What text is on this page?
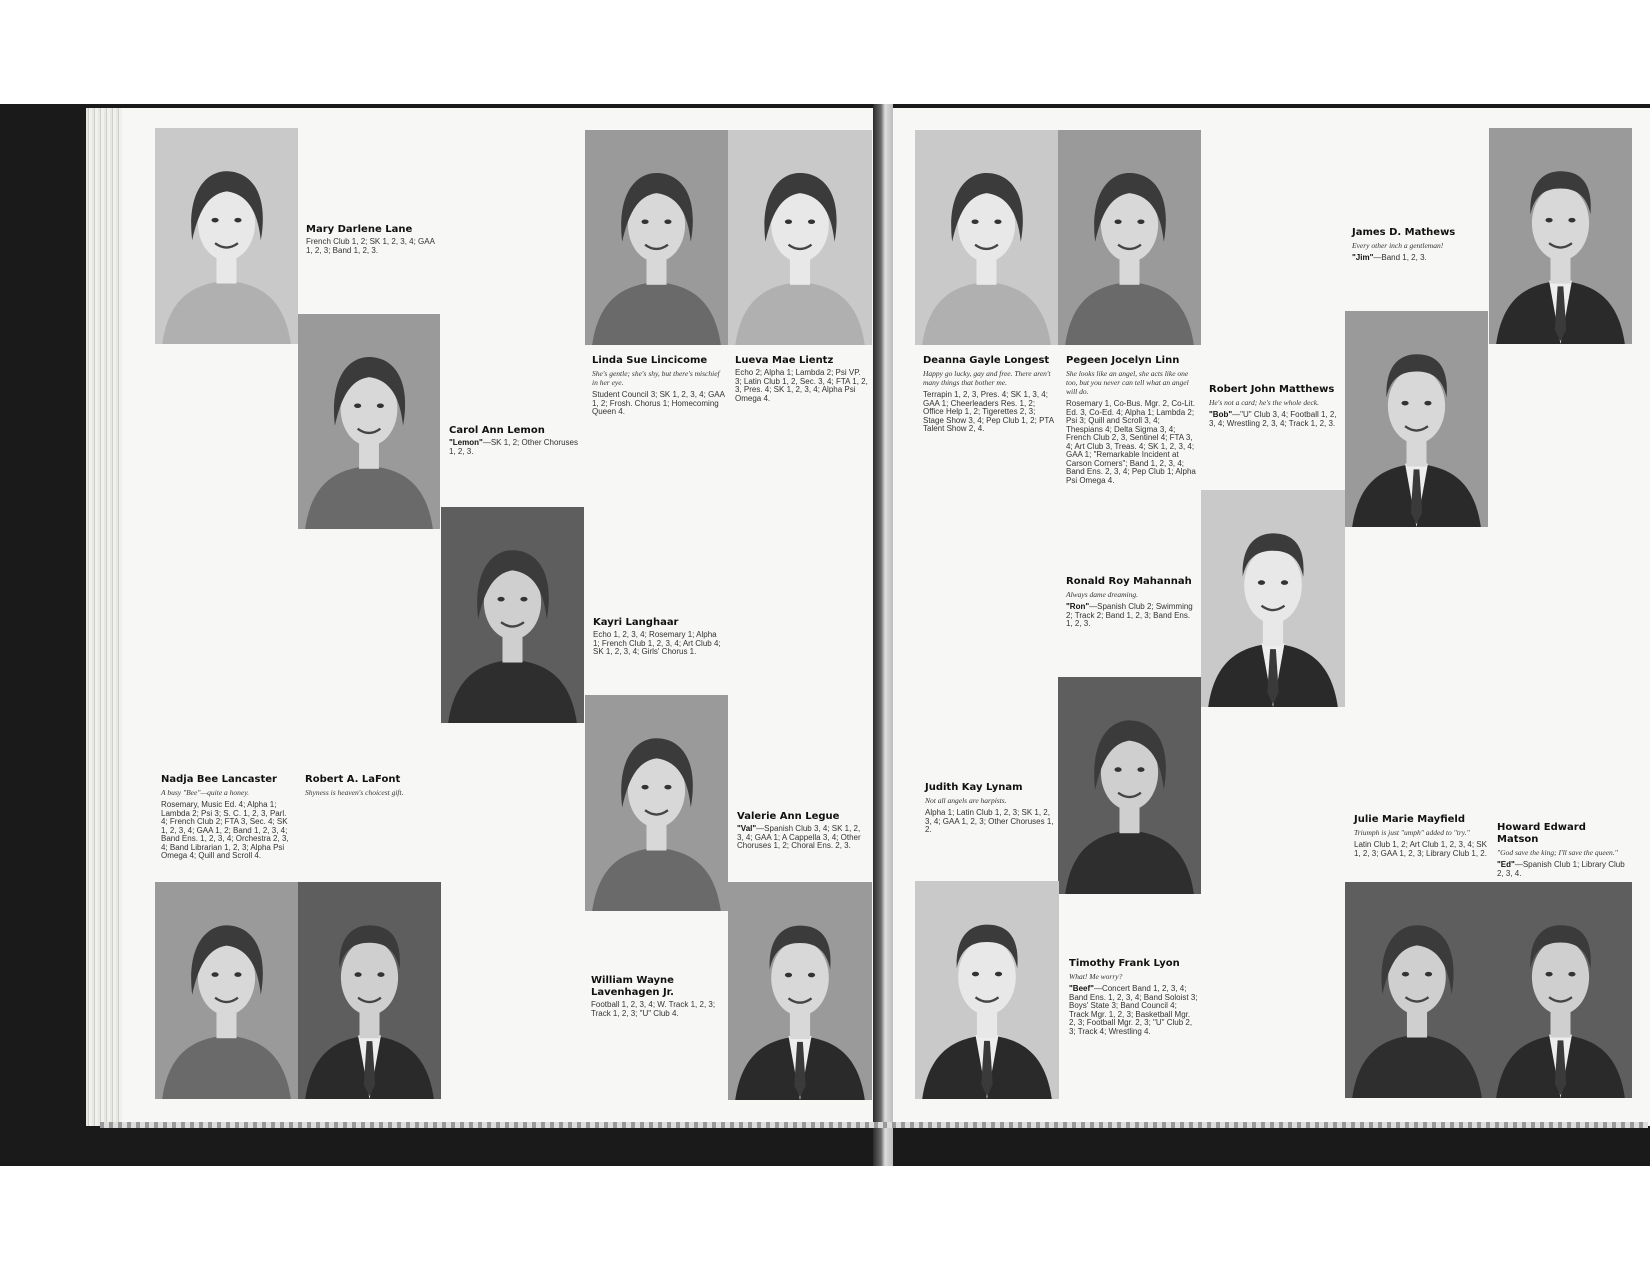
Mary Darlene Lane

French Club 1, 2; SK 1, 2, 3, 4; GAA 1, 2, 3; Band 1, 2, 3.

Carol Ann Lemon

"Lemon"—SK 1, 2; Other Choruses 1, 2, 3.

Kayri Langhaar

Echo 1, 2, 3, 4; Rosemary 1; Alpha 1; French Club 1, 2, 3, 4; Art Club 4; SK 1, 2, 3, 4; Girls' Chorus 1.

Linda Sue Lincicome

She's gentle; she's shy, but there's mischief in her eye.

Student Council 3; SK 1, 2, 3, 4; GAA 1, 2; Frosh. Chorus 1; Homecoming Queen 4.

Lueva Mae Lientz

Echo 2; Alpha 1; Lambda 2; Psi VP. 3; Latin Club 1, 2, Sec. 3, 4; FTA 1, 2, 3, Pres. 4; SK 1, 2, 3, 4; Alpha Psi Omega 4.

Nadja Bee Lancaster

A busy "Bee"—quite a honey.

Rosemary, Music Ed. 4; Alpha 1; Lambda 2; Psi 3; S. C. 1, 2, 3, Parl. 4; French Club 2; FTA 3, Sec. 4; SK 1, 2, 3, 4; GAA 1, 2; Band 1, 2, 3, 4; Band Ens. 1, 2, 3, 4; Orchestra 2, 3, 4; Band Librarian 1, 2, 3; Alpha Psi Omega 4; Quill and Scroll 4.

Robert A. LaFont

Shyness is heaven's choicest gift.

Valerie Ann Legue

"Val"—Spanish Club 3, 4; SK 1, 2, 3, 4; GAA 1; A Cappella 3, 4; Other Choruses 1, 2; Choral Ens. 2, 3.

William Wayne Lavenhagen Jr.

Football 1, 2, 3, 4; W. Track 1, 2, 3; Track 1, 2, 3; "U" Club 4.

Deanna Gayle Longest

Happy go lucky, gay and free. There aren't many things that bother me.

Terrapin 1, 2, 3, Pres. 4; SK 1, 3, 4; GAA 1; Cheerleaders Res. 1, 2; Office Help 1, 2; Tigerettes 2, 3; Stage Show 3, 4; Pep Club 1, 2; PTA Talent Show 2, 4.

Pegeen Jocelyn Linn

She looks like an angel, she acts like one too, but you never can tell what an angel will do.

Rosemary 1, Co-Bus. Mgr. 2, Co-Lit. Ed. 3, Co-Ed. 4; Alpha 1; Lambda 2; Psi 3; Quill and Scroll 3, 4; Thespians 4; Delta Sigma 3, 4; French Club 2, 3, Sentinel 4; FTA 3, 4; Art Club 3, Treas. 4; SK 1, 2, 3, 4; GAA 1; "Remarkable Incident at Carson Corners"; Band 1, 2, 3, 4; Band Ens. 2, 3, 4; Pep Club 1; Alpha Psi Omega 4.

James D. Mathews

Every other inch a gentleman!

"Jim"—Band 1, 2, 3.

Robert John Matthews

He's not a card; he's the whole deck.

"Bob"—"U" Club 3, 4; Football 1, 2, 3, 4; Wrestling 2, 3, 4; Track 1, 2, 3.

Ronald Roy Mahannah

Always dame dreaming.

"Ron"—Spanish Club 2; Swimming 2; Track 2; Band 1, 2, 3; Band Ens. 1, 2, 3.

Judith Kay Lynam

Not all angels are harpists.

Alpha 1; Latin Club 1, 2, 3; SK 1, 2, 3, 4; GAA 1, 2, 3; Other Choruses 1, 2.

Timothy Frank Lyon

What! Me worry?

"Beef"—Concert Band 1, 2, 3, 4; Band Ens. 1, 2, 3, 4; Band Soloist 3; Boys' State 3; Band Council 4; Track Mgr. 1, 2, 3; Basketball Mgr. 2, 3; Football Mgr. 2, 3; "U" Club 2, 3; Track 4; Wrestling 4.

Julie Marie Mayfield

Triumph is just "umph" added to "try."

Latin Club 1, 2; Art Club 1, 2, 3, 4; SK 1, 2, 3; GAA 1, 2, 3; Library Club 1, 2.

Howard Edward Matson

"God save the king; I'll save the queen."

"Ed"—Spanish Club 1; Library Club 2, 3, 4.
